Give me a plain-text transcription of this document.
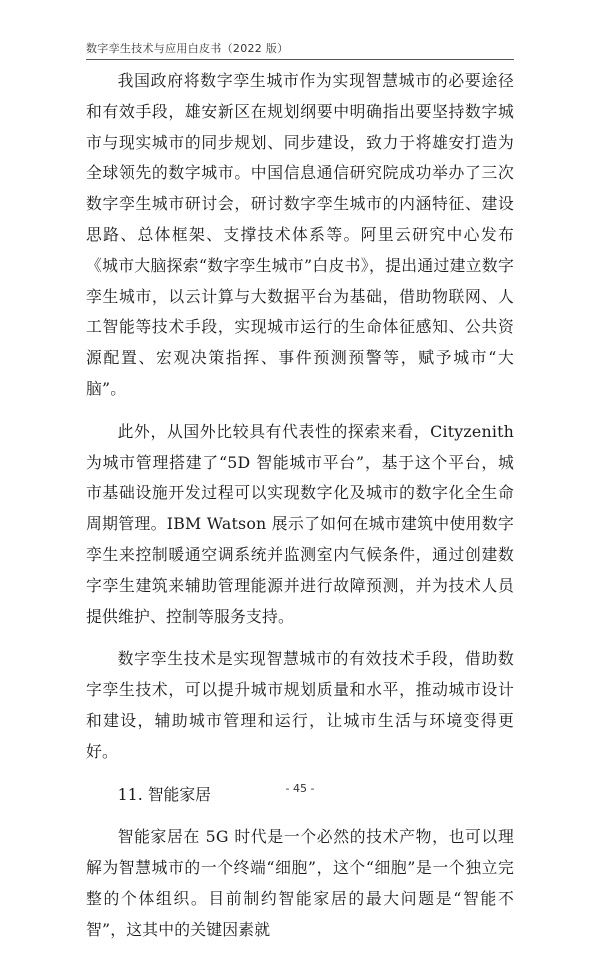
数字孪生技术与应用白皮书（2022 版）

我国政府将数字孪生城市作为实现智慧城市的必要途径和有效手段，雄安新区在规划纲要中明确指出要坚持数字城市与现实城市的同步规划、同步建设，致力于将雄安打造为全球领先的数字城市。中国信息通信研究院成功举办了三次数字孪生城市研讨会，研讨数字孪生城市的内涵特征、建设思路、总体框架、支撑技术体系等。阿里云研究中心发布《城市大脑探索“数字孪生城市”白皮书》，提出通过建立数字孪生城市，以云计算与大数据平台为基础，借助物联网、人工智能等技术手段，实现城市运行的生命体征感知、公共资源配置、宏观决策指挥、事件预测预警等，赋予城市“大脑”。

此外，从国外比较具有代表性的探索来看，Cityzenith 为城市管理搭建了“5D 智能城市平台”，基于这个平台，城市基础设施开发过程可以实现数字化及城市的数字化全生命周期管理。IBM Watson 展示了如何在城市建筑中使用数字孪生来控制暖通空调系统并监测室内气候条件，通过创建数字孪生建筑来辅助管理能源并进行故障预测，并为技术人员提供维护、控制等服务支持。

数字孪生技术是实现智慧城市的有效技术手段，借助数字孪生技术，可以提升城市规划质量和水平，推动城市设计和建设，辅助城市管理和运行，让城市生活与环境变得更好。

11. 智能家居

智能家居在 5G 时代是一个必然的技术产物，也可以理解为智慧城市的一个终端“细胞”，这个“细胞”是一个独立完整的个体组织。目前制约智能家居的最大问题是“智能不智”，这其中的关键因素就

- 45 -
